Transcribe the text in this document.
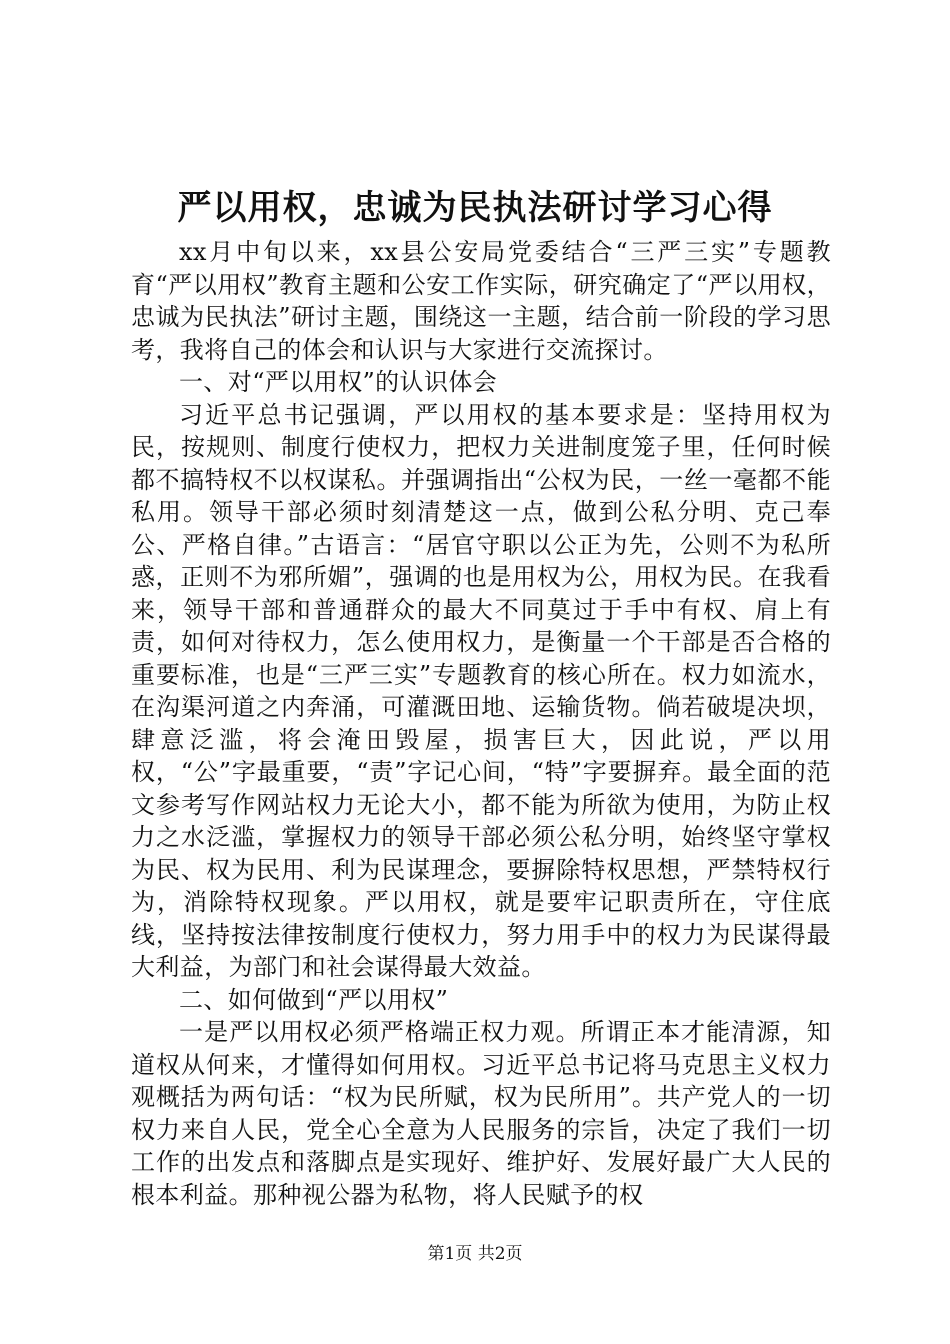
严以用权，忠诚为民执法研讨学习心得

xx月中旬以来，xx县公安局党委结合“三严三实”专题教育“严以用权”教育主题和公安工作实际，研究确定了“严以用权，忠诚为民执法”研讨主题，围绕这一主题，结合前一阶段的学习思考，我将自己的体会和认识与大家进行交流探讨。

一、对“严以用权”的认识体会

习近平总书记强调，严以用权的基本要求是：坚持用权为民，按规则、制度行使权力，把权力关进制度笼子里，任何时候都不搞特权不以权谋私。并强调指出“公权为民，一丝一毫都不能私用。领导干部必须时刻清楚这一点，做到公私分明、克己奉公、严格自律。”古语言：“居官守职以公正为先，公则不为私所惑，正则不为邪所媚”，强调的也是用权为公，用权为民。在我看来，领导干部和普通群众的最大不同莫过于手中有权、肩上有责，如何对待权力，怎么使用权力，是衡量一个干部是否合格的重要标准，也是“三严三实”专题教育的核心所在。权力如流水，在沟渠河道之内奔涌，可灌溉田地、运输货物。倘若破堤决坝，肆意泛滥，将会淹田毁屋，损害巨大，因此说，严以用权，“公”字最重要，“责”字记心间，“特”字要摒弃。最全面的范文参考写作网站权力无论大小，都不能为所欲为使用，为防止权力之水泛滥，掌握权力的领导干部必须公私分明，始终坚守掌权为民、权为民用、利为民谋理念，要摒除特权思想，严禁特权行为，消除特权现象。严以用权，就是要牢记职责所在，守住底线，坚持按法律按制度行使权力，努力用手中的权力为民谋得最大利益，为部门和社会谋得最大效益。

二、如何做到“严以用权”

一是严以用权必须严格端正权力观。所谓正本才能清源，知道权从何来，才懂得如何用权。习近平总书记将马克思主义权力观概括为两句话：“权为民所赋，权为民所用”。共产党人的一切权力来自人民，党全心全意为人民服务的宗旨，决定了我们一切工作的出发点和落脚点是实现好、维护好、发展好最广大人民的根本利益。那种视公器为私物，将人民赋予的权

第1页 共2页
